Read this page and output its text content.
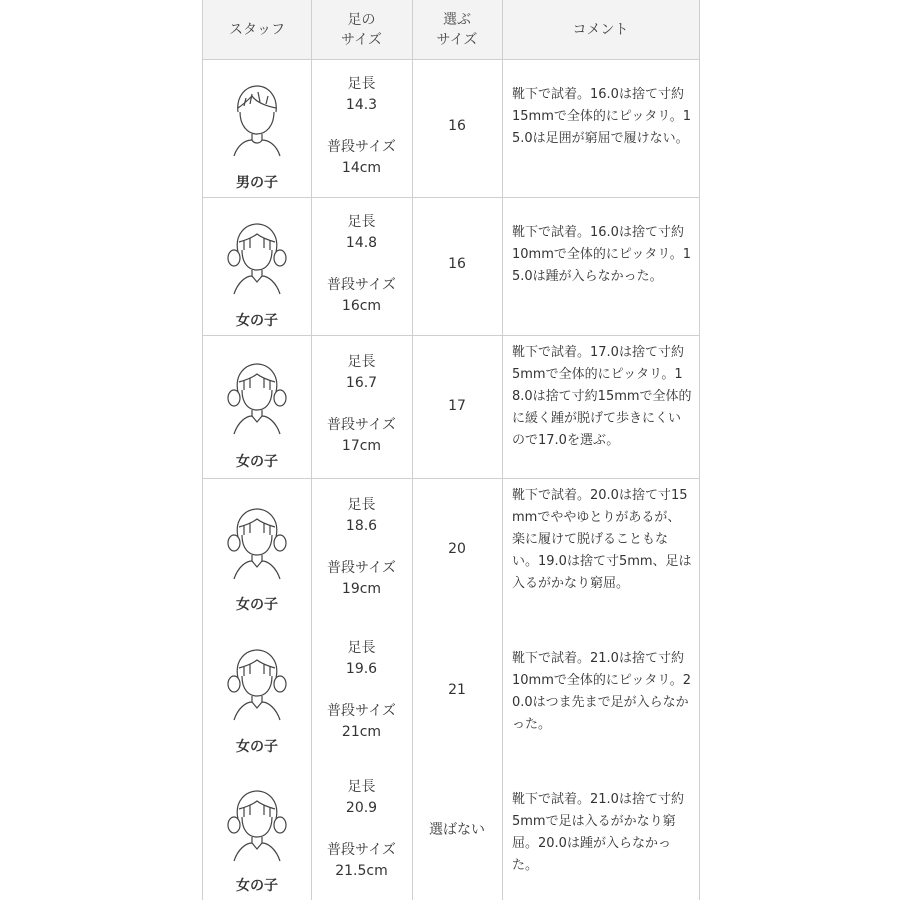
スタッフ
足の
サイズ
選ぶ
サイズ
コメント
男の子
足長
14.3
普段サイズ
14cm
16
靴下で試着。16.0は捨て寸約15mmで全体的にピッタリ。15.0は足囲が窮屈で履けない。
女の子
足長
14.8
普段サイズ
16cm
16
靴下で試着。16.0は捨て寸約10mmで全体的にピッタリ。15.0は踵が入らなかった。
女の子
足長
16.7
普段サイズ
17cm
17
靴下で試着。17.0は捨て寸約5mmで全体的にピッタリ。18.0は捨て寸約15mmで全体的に緩く踵が脱げて歩きにくいので17.0を選ぶ。
女の子
足長
18.6
普段サイズ
19cm
20
靴下で試着。20.0は捨て寸15mmでややゆとりがあるが、楽に履けて脱げることもない。19.0は捨て寸5mm、足は入るがかなり窮屈。
女の子
足長
19.6
普段サイズ
21cm
21
靴下で試着。21.0は捨て寸約10mmで全体的にピッタリ。20.0はつま先まで足が入らなかった。
女の子
足長
20.9
普段サイズ
21.5cm
選ばない
靴下で試着。21.0は捨て寸約5mmで足は入るがかなり窮屈。20.0は踵が入らなかった。
